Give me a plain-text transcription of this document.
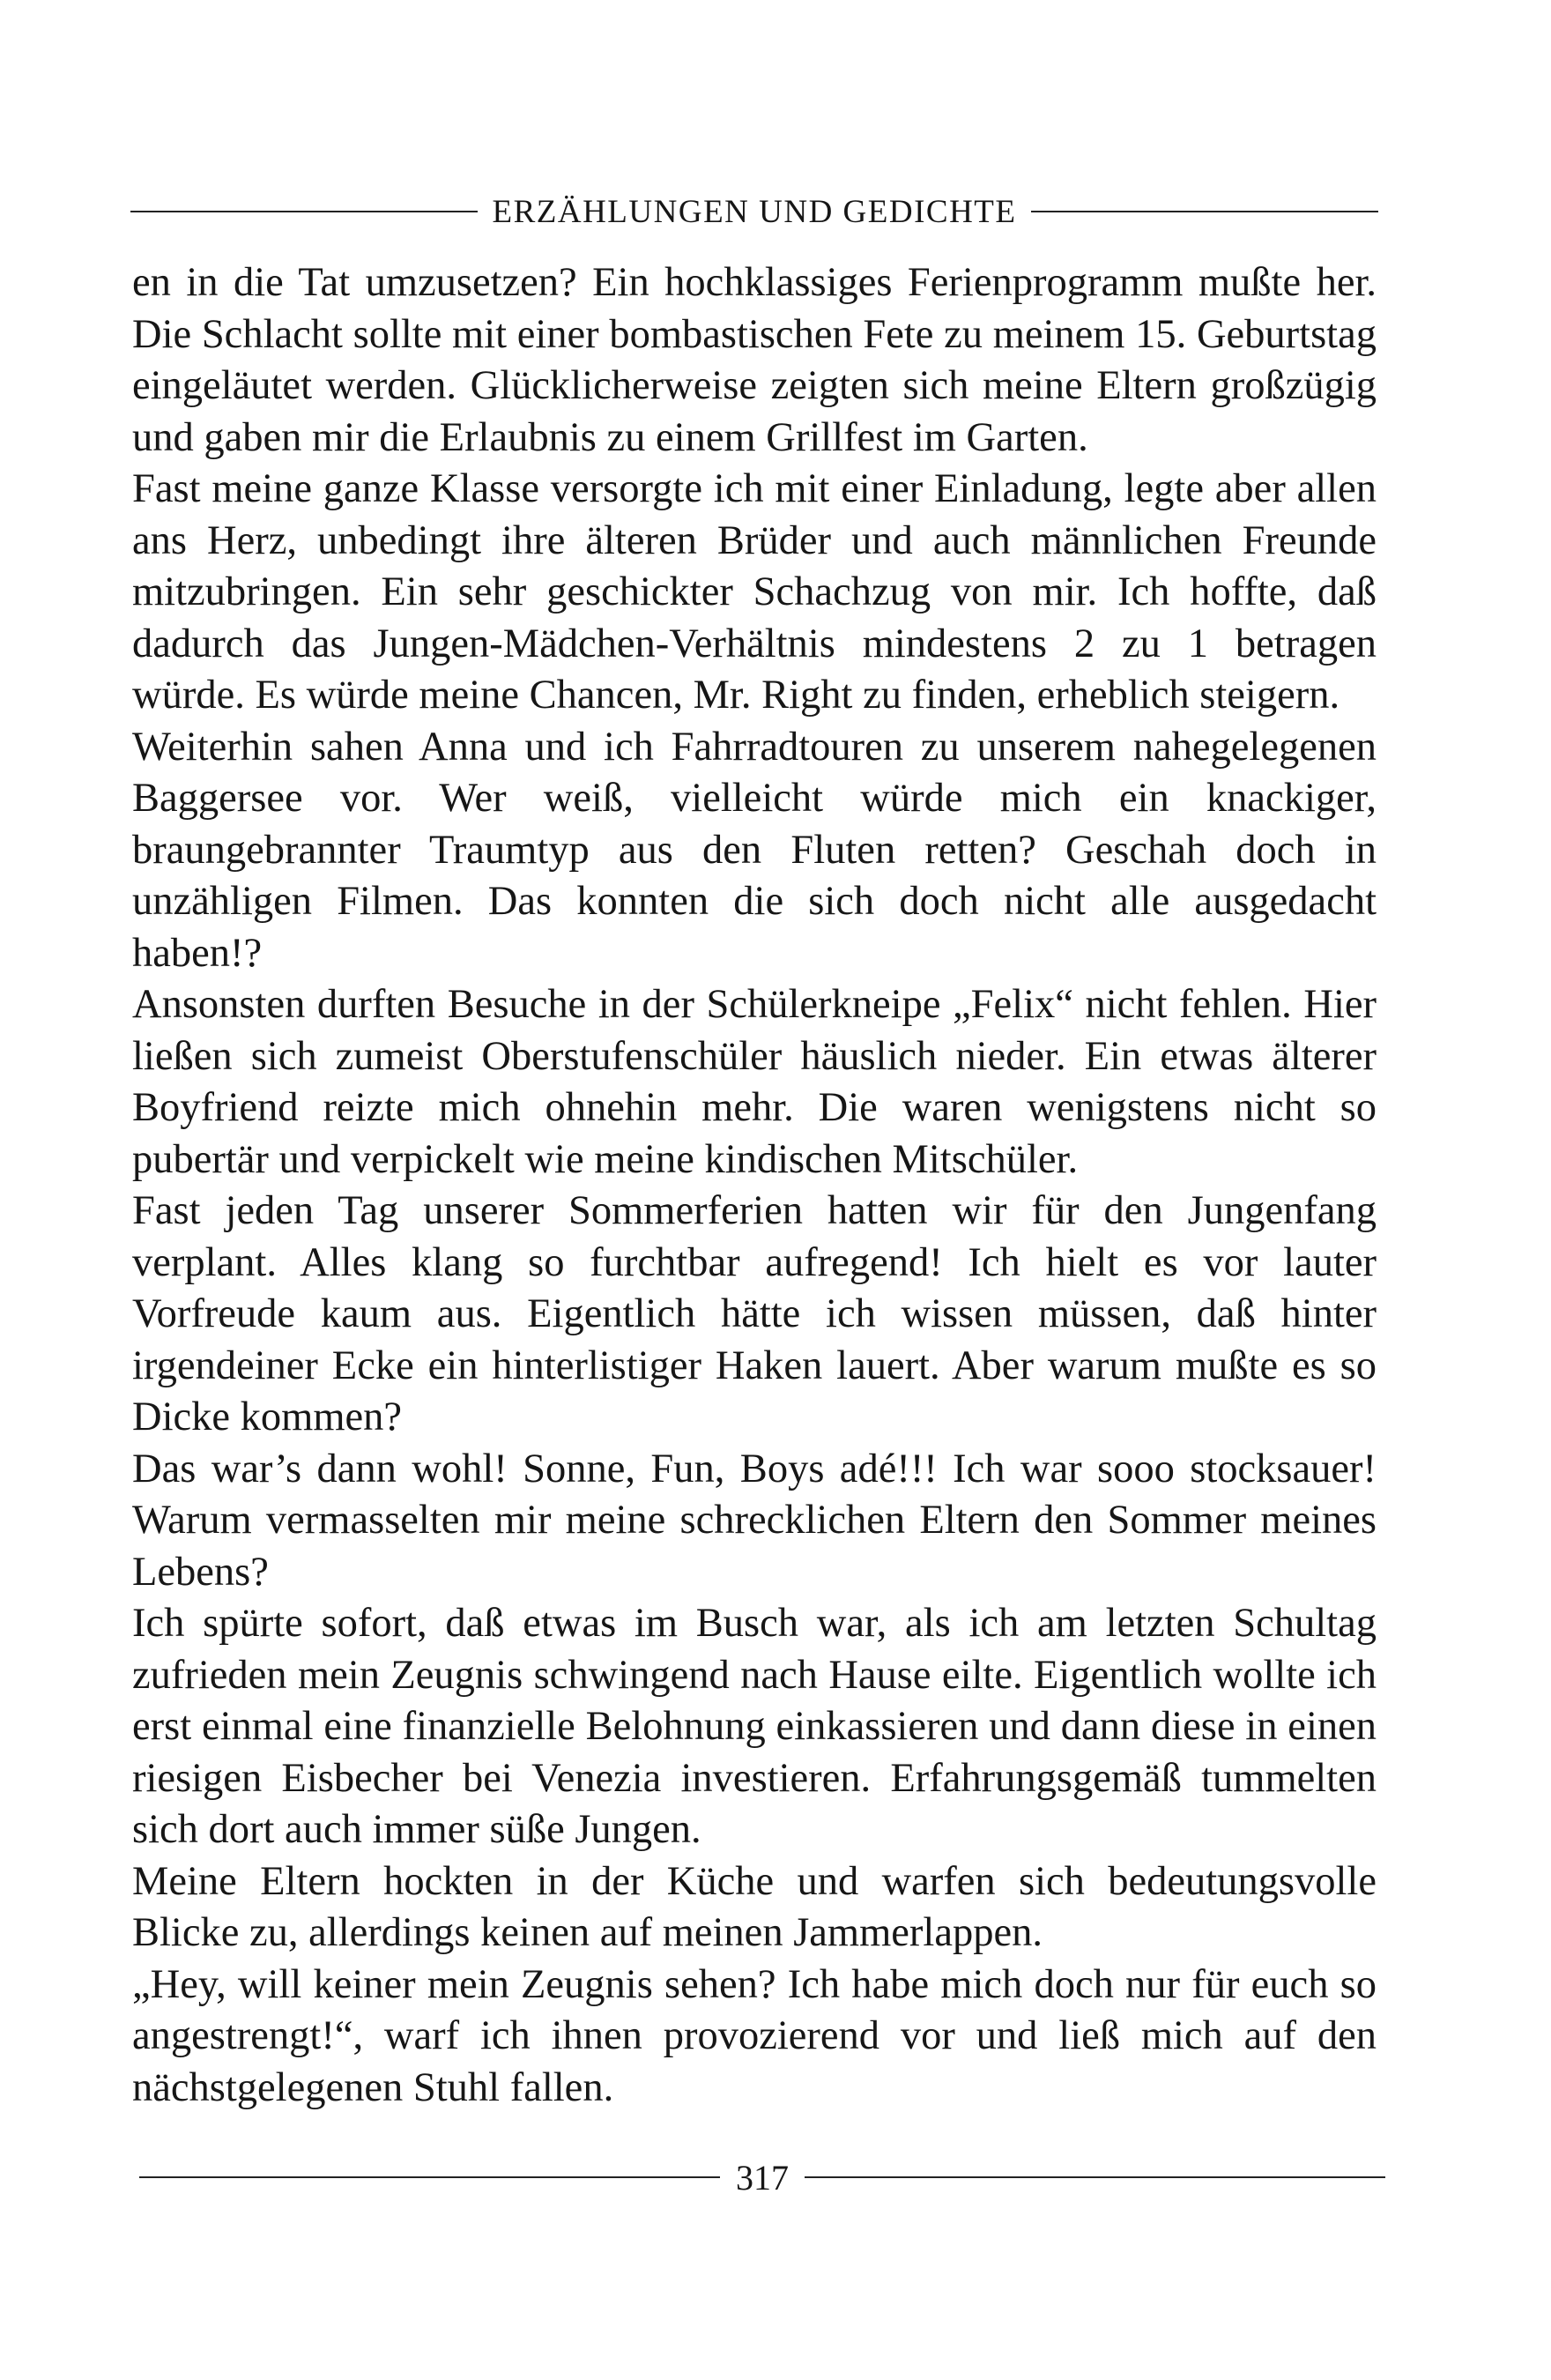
ERZÄHLUNGEN UND GEDICHTE

en in die Tat umzusetzen? Ein hochklassiges Ferienprogramm mußte her. Die Schlacht sollte mit einer bombastischen Fete zu meinem 15. Geburtstag eingeläutet werden. Glücklicherweise zeigten sich meine Eltern großzügig und gaben mir die Erlaubnis zu einem Grillfest im Garten.

Fast meine ganze Klasse versorgte ich mit einer Einladung, legte aber allen ans Herz, unbedingt ihre älteren Brüder und auch männlichen Freunde mitzubringen. Ein sehr geschickter Schachzug von mir. Ich hoffte, daß dadurch das Jungen-Mädchen-Verhältnis mindestens 2 zu 1 betragen würde. Es würde meine Chancen, Mr. Right zu finden, erheblich steigern.

Weiterhin sahen Anna und ich Fahrradtouren zu unserem nahegelegenen Baggersee vor. Wer weiß, vielleicht würde mich ein knackiger, braungebrannter Traumtyp aus den Fluten retten? Geschah doch in unzähligen Filmen. Das konnten die sich doch nicht alle ausgedacht haben!?

Ansonsten durften Besuche in der Schülerkneipe „Felix“ nicht fehlen. Hier ließen sich zumeist Oberstufenschüler häuslich nieder. Ein etwas älterer Boyfriend reizte mich ohnehin mehr. Die waren wenigstens nicht so pubertär und verpickelt wie meine kindischen Mitschüler.

Fast jeden Tag unserer Sommerferien hatten wir für den Jungenfang verplant. Alles klang so furchtbar aufregend! Ich hielt es vor lauter Vorfreude kaum aus. Eigentlich hätte ich wissen müssen, daß hinter irgendeiner Ecke ein hinterlistiger Haken lauert. Aber warum mußte es so Dicke kommen?

Das war’s dann wohl! Sonne, Fun, Boys adé!!! Ich war sooo stocksauer! Warum vermasselten mir meine schrecklichen Eltern den Sommer meines Lebens?

Ich spürte sofort, daß etwas im Busch war, als ich am letzten Schultag zufrieden mein Zeugnis schwingend nach Hause eilte. Eigentlich wollte ich erst einmal eine finanzielle Belohnung einkassieren und dann diese in einen riesigen Eisbecher bei Venezia investieren. Erfahrungsgemäß tummelten sich dort auch immer süße Jungen.

Meine Eltern hockten in der Küche und warfen sich bedeutungsvolle Blicke zu, allerdings keinen auf meinen Jammerlappen.

„Hey, will keiner mein Zeugnis sehen? Ich habe mich doch nur für euch so angestrengt!“, warf ich ihnen provozierend vor und ließ mich auf den nächstgelegenen Stuhl fallen.

317
